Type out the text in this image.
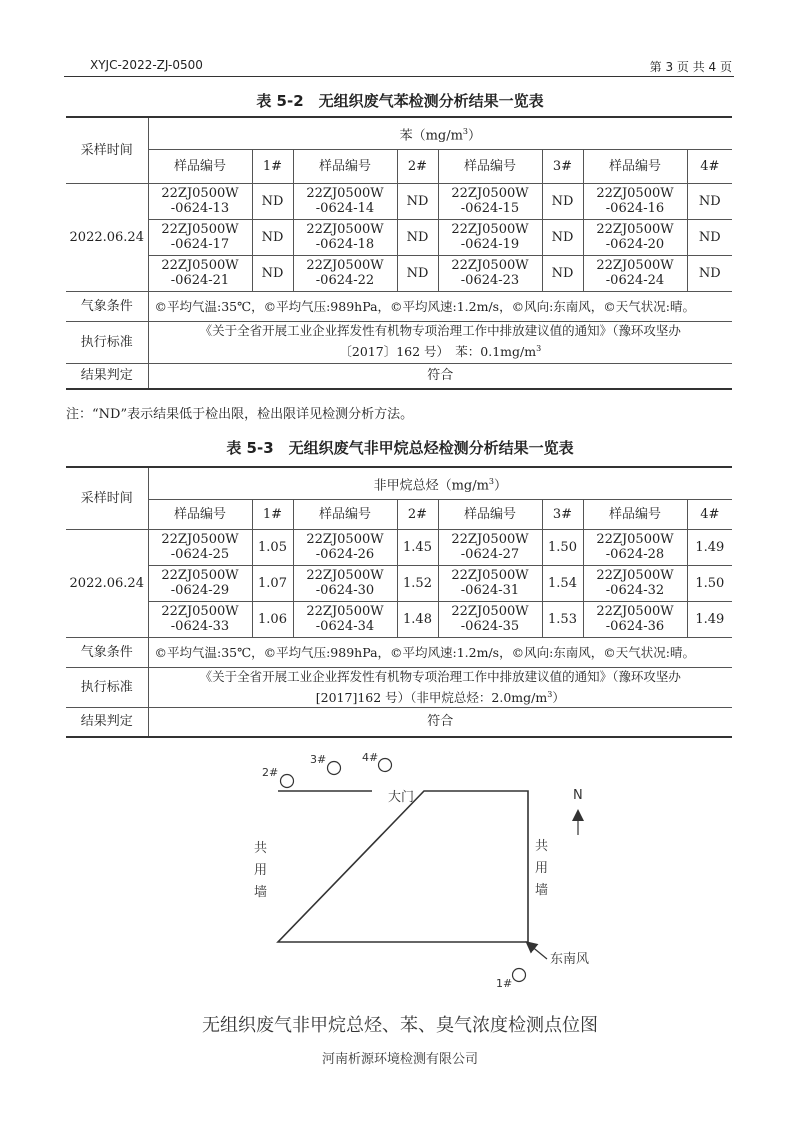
XYJC-2022-ZJ-0500	第 3 页 共 4 页
表 5-2　无组织废气苯检测分析结果一览表
采样时间	苯$(mg/m^3)$							
	样品编号	1#	样品编号	2#	样品编号	3#	样品编号	4#
2022.06.24	22ZJ0500W
-0624-13	ND	22ZJ0500W
-0624-14	ND	22ZJ0500W
-0624-15	ND	22ZJ0500W
-0624-16	ND
	22ZJ0500W
-0624-17	ND	22ZJ0500W
-0624-18	ND	22ZJ0500W
-0624-19	ND	22ZJ0500W
-0624-20	ND
	22ZJ0500W
-0624-21	ND	22ZJ0500W
-0624-22	ND	22ZJ0500W
-0624-23	ND	22ZJ0500W
-0624-24	ND
气象条件	©平均气温:35℃，©平均气压:989hPa，©平均风速:1.2m/s，©风向:东南风，©天气状况:晴。							
执行标准	《关于全省开展工业企业挥发性有机物专项治理工作中排放建议值的通知》（豫环攻坚办
〔2017〕162 号）　苯：$0.1mg/m^3$
结果判定	符合							
注：“ND”表示结果低于检出限，检出限详见检测分析方法。
表 5-3　无组织废气非甲烷总烃检测分析结果一览表
采样时间	非甲烷总烃$(mg/m^3)$							
	样品编号	1#	样品编号	2#	样品编号	3#	样品编号	4#
2022.06.24	22ZJ0500W
-0624-25	1.05	22ZJ0500W
-0624-26	1.45	22ZJ0500W
-0624-27	1.50	22ZJ0500W
-0624-28	1.49
	22ZJ0500W
-0624-29	1.07	22ZJ0500W
-0624-30	1.52	22ZJ0500W
-0624-31	1.54	22ZJ0500W
-0624-32	1.50
	22ZJ0500W
-0624-33	1.06	22ZJ0500W
-0624-34	1.48	22ZJ0500W
-0624-35	1.53	22ZJ0500W
-0624-36	1.49
气象条件	©平均气温:35℃，©平均气压:989hPa，©平均风速:1.2m/s，©风向:东南风，©天气状况:晴。							
执行标准	《关于全省开展工业企业挥发性有机物专项治理工作中排放建议值的通知》（豫环攻坚办
[2017]162 号）（非甲烷总烃：$2.0mg/m^3$）							
结果判定	符合							
大门
共
用
墙
共
用
墙
N
东南风
2#
3#	4#
1#
无组织废气非甲烷总烃、苯、臭气浓度检测点位图
河南析源环境检测有限公司
